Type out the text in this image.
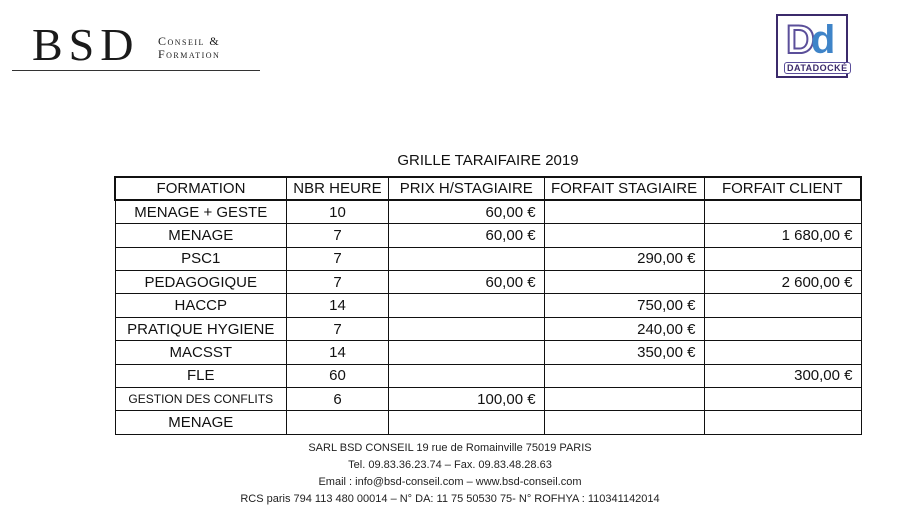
BSD Conseil &
Formation	Dd
DATADOCKÉ
GRILLE TARAIFAIRE 2019
FORMATION	NBR HEURE	PRIX H/STAGIAIRE	FORFAIT STAGIAIRE	FORFAIT CLIENT
MENAGE + GESTE	10	60,00 €		
MENAGE	7	60,00 €		1 680,00 €
PSC1	7		290,00 €	
PEDAGOGIQUE	7	60,00 €		2 600,00 €
HACCP	14		750,00 €	
PRATIQUE HYGIENE	7		240,00 €	
MACSST	14		350,00 €	
FLE	60			300,00 €
GESTION DES CONFLITS	6	100,00 €		
MENAGE				
SARL BSD CONSEIL 19 rue de Romainville 75019 PARIS
Tel. 09.83.36.23.74 – Fax. 09.83.48.28.63
Email : info@bsd-conseil.com – www.bsd-conseil.com
RCS paris 794 113 480 00014 – N° DA: 11 75 50530 75- N° ROFHYA : 110341142014
